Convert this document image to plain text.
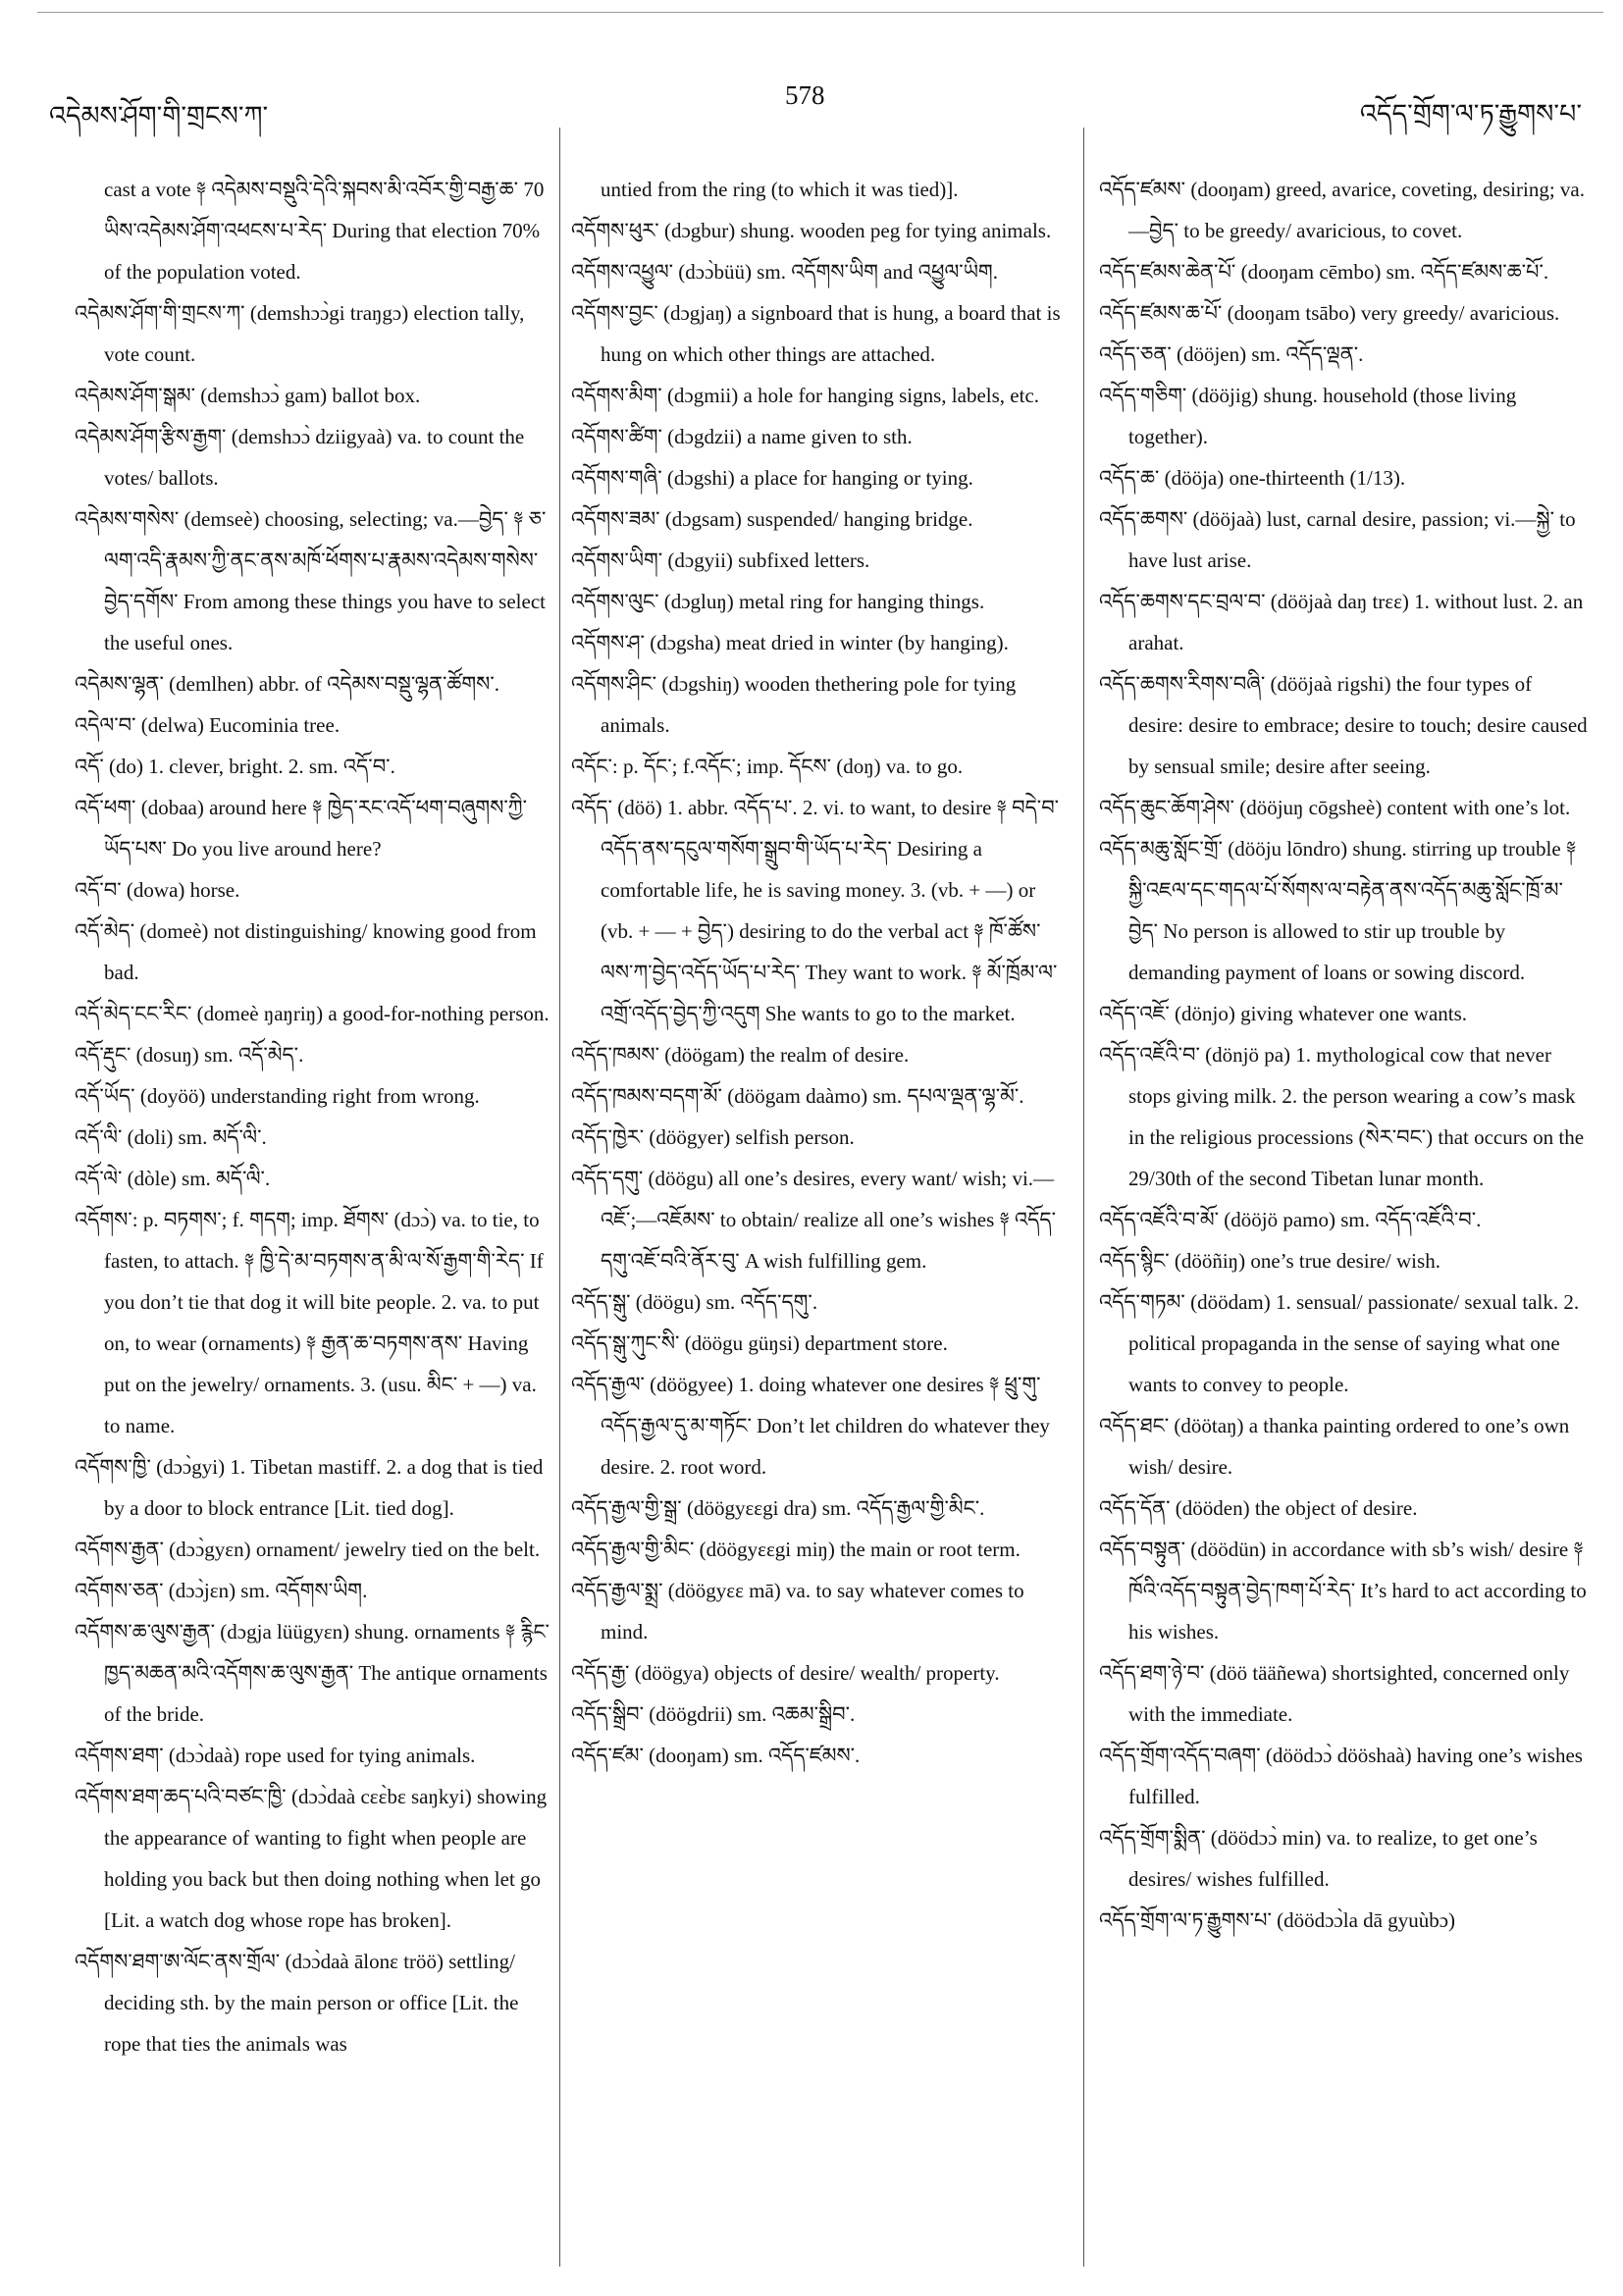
འདེམས་ཤོག་གི་གྲངས་ཀ་
578
འདོད་གྲོག་ལ་ཏ་རྒྱུགས་པ་

cast a vote ༈ འདེམས་བསྡུའི་དེའི་སྐབས་མི་འབོར་གྱི་བརྒྱ་ཆ་ 70 ཡིས་འདེམས་ཤོག་འཕངས་པ་རེད་ During that election 70% of the population voted.

འདེམས་ཤོག་གི་གྲངས་ཀ་ (demshɔɔ̀gi traŋgɔ) election tally, vote count.

འདེམས་ཤོག་སྒམ་ (demshɔɔ̀ gam) ballot box.

འདེམས་ཤོག་རྩིས་རྒྱག་ (demshɔɔ̀ dziigyaà) va. to count the votes/ ballots.

འདེམས་གསེས་ (demseè) choosing, selecting; va.—བྱེད་ ༈ ཅ་ལག་འདི་རྣམས་ཀྱི་ནང་ནས་མཁོ་ཕོགས་པ་རྣམས་འདེམས་གསེས་བྱེད་དགོས་ From among these things you have to select the useful ones.

འདེམས་ལྷན་ (demlhen) abbr. of འདེམས་བསྡུ་ལྷན་ཚོགས་.

འདེལ་བ་ (delwa) Eucominia tree.

འདོ་ (do) 1. clever, bright. 2. sm. འདོ་བ་.

འདོ་ཕག་ (dobaa) around here ༈ ཁྱེད་རང་འདོ་ཕག་བཞུགས་ཀྱི་ཡོད་པས་ Do you live around here?

འདོ་བ་ (dowa) horse.

འདོ་མེད་ (domeè) not distinguishing/ knowing good from bad.

འདོ་མེད་ངང་རིང་ (domeè ŋaŋriŋ) a good-for-nothing person.

འདོ་རྡུང་ (dosuŋ) sm. འདོ་མེད་.

འདོ་ཡོད་ (doyöö) understanding right from wrong.

འདོ་ལི་ (doli) sm. མདོ་ལི་.

འདོ་ལེ་ (dòle) sm. མདོ་ལི་.

འདོགས་: p. བཏགས་; f. གདག; imp. ཐོགས་ (dɔɔ̀) va. to tie, to fasten, to attach. ༈ ཁྱི་དེ་མ་བཏགས་ན་མི་ལ་སོ་རྒྱག་གི་རེད་ If you don’t tie that dog it will bite people. 2. va. to put on, to wear (ornaments) ༈ རྒྱན་ཆ་བཏགས་ནས་ Having put on the jewelry/ ornaments. 3. (usu. མིང་ + —) va. to name.

འདོགས་ཁྱི་ (dɔɔ̀gyi) 1. Tibetan mastiff. 2. a dog that is tied by a door to block entrance [Lit. tied dog].

འདོགས་རྒྱན་ (dɔɔ̀gyɛn) ornament/ jewelry tied on the belt.

འདོགས་ཅན་ (dɔɔ̀jɛn) sm. འདོགས་ཡིག.

འདོགས་ཆ་ལུས་རྒྱན་ (dɔgja lüügyɛn) shung. ornaments ༈ རྙིང་ཁྱད་མཆན་མའི་འདོགས་ཆ་ལུས་རྒྱན་ The antique ornaments of the bride.

འདོགས་ཐག་ (dɔɔ̀daà) rope used for tying animals.

འདོགས་ཐག་ཆད་པའི་བཙང་ཁྱི་ (dɔɔ̀daà cɛɛ̀bɛ saŋkyi) showing the appearance of wanting to fight when people are holding you back but then doing nothing when let go [Lit. a watch dog whose rope has broken].

འདོགས་ཐག་ཨ་ལོང་ནས་གྲོལ་ (dɔɔ̀daà ālonɛ tröö) settling/ deciding sth. by the main person or office [Lit. the rope that ties the animals was

untied from the ring (to which it was tied)].

འདོགས་ཕུར་ (dɔgbur) shung. wooden peg for tying animals.

འདོགས་འཕྱུལ་ (dɔɔ̀büü) sm. འདོགས་ཡིག and འཕྱུལ་ཡིག.

འདོགས་བྱང་ (dɔgjaŋ) a signboard that is hung, a board that is hung on which other things are attached.

འདོགས་མིག་ (dɔgmii) a hole for hanging signs, labels, etc.

འདོགས་ཚིག་ (dɔgdzii) a name given to sth.

འདོགས་གཞི་ (dɔgshi) a place for hanging or tying.

འདོགས་ཟམ་ (dɔgsam) suspended/ hanging bridge.

འདོགས་ཡིག་ (dɔgyii) subfixed letters.

འདོགས་ལུང་ (dɔgluŋ) metal ring for hanging things.

འདོགས་ཤ་ (dɔgsha) meat dried in winter (by hanging).

འདོགས་ཤིང་ (dɔgshiŋ) wooden thethering pole for tying animals.

འདོང་: p. དོང་; f.འདོང་; imp. དོངས་ (doŋ) va. to go.

འདོད་ (döö) 1. abbr. འདོད་པ་. 2. vi. to want, to desire ༈ བདེ་བ་འདོད་ནས་དངུལ་གསོག་སྒྲུབ་གི་ཡོད་པ་རེད་ Desiring a comfortable life, he is saving money. 3. (vb. + —) or (vb. + — + བྱེད་) desiring to do the verbal act ༈ ཁོ་ཚོས་ལས་ཀ་བྱེད་འདོད་ཡོད་པ་རེད་ They want to work. ༈ མོ་ཁྲོམ་ལ་འགྲོ་འདོད་བྱེད་ཀྱི་འདུག She wants to go to the market.

འདོད་ཁམས་ (döögam) the realm of desire.

འདོད་ཁམས་བདག་མོ་ (döögam daàmo) sm. དཔལ་ལྡན་ལྷ་མོ་.

འདོད་ཁྱེར་ (döögyer) selfish person.

འདོད་དགུ་ (döögu) all one’s desires, every want/ wish; vi.—འཇོ་;—འཇོམས་ to obtain/ realize all one’s wishes ༈ འདོད་དགུ་འཇོ་བའི་ནོར་བུ་ A wish fulfilling gem.

འདོད་སྒུ་ (döögu) sm. འདོད་དགུ་.

འདོད་སྒུ་ཀུང་སི་ (döögu güŋsi) department store.

འདོད་རྒྱལ་ (döögyee) 1. doing whatever one desires ༈ ཕྲུ་གུ་འདོད་རྒྱལ་དུ་མ་གཏོང་ Don’t let children do whatever they desire. 2. root word.

འདོད་རྒྱལ་གྱི་སྒྲ་ (döögyɛɛgi dra) sm. འདོད་རྒྱལ་གྱི་མིང་.

འདོད་རྒྱལ་གྱི་མིང་ (döögyɛɛgi miŋ) the main or root term.

འདོད་རྒྱལ་སྨྲ་ (döögyɛɛ mā) va. to say whatever comes to mind.

འདོད་རྒྱ་ (döögya) objects of desire/ wealth/ property.

འདོད་སྒྲིབ་ (döögdrii) sm. འཆམ་སྒྲིབ་.

འདོད་ཛམ་ (dooŋam) sm. འདོད་ཛམས་.

འདོད་ཛམས་ (dooŋam) greed, avarice, coveting, desiring; va.—བྱེད་ to be greedy/ avaricious, to covet.

འདོད་ཛམས་ཆེན་པོ་ (dooŋam cēmbo) sm. འདོད་ཛམས་ཆ་པོ་.

འདོད་ཛམས་ཆ་པོ་ (dooŋam tsābo) very greedy/ avaricious.

འདོད་ཅན་ (dööjen) sm. འདོད་ལྡན་.

འདོད་གཅིག་ (dööjig) shung. household (those living together).

འདོད་ཆ་ (dööja) one-thirteenth (1/13).

འདོད་ཆགས་ (dööjaà) lust, carnal desire, passion; vi.—སྐྱེ་ to have lust arise.

འདོད་ཆགས་དང་བྲལ་བ་ (dööjaà daŋ trɛɛ) 1. without lust. 2. an arahat.

འདོད་ཆགས་རིགས་བཞི་ (dööjaà rigshi) the four types of desire: desire to embrace; desire to touch; desire caused by sensual smile; desire after seeing.

འདོད་ཆུང་ཆོག་ཤེས་ (dööjuŋ cōgsheè) content with one’s lot.

འདོད་མཆུ་སློང་གྲོ་ (dööju lōndro) shung. stirring up trouble ༈ སྐྱི་འཇལ་དང་གདལ་པོ་སོགས་ལ་བརྟེན་ནས་འདོད་མཆུ་སློང་ཁྲོ་མ་བྱེད་ No person is allowed to stir up trouble by demanding payment of loans or sowing discord.

འདོད་འཇོ་ (dönjo) giving whatever one wants.

འདོད་འཇོའི་བ་ (dönjö pa) 1. mythological cow that never stops giving milk. 2. the person wearing a cow’s mask in the religious processions (སེར་བང་) that occurs on the 29/30th of the second Tibetan lunar month.

འདོད་འཇོའི་བ་མོ་ (dööjö pamo) sm. འདོད་འཇོའི་བ་.

འདོད་སྙིང་ (dööñiŋ) one’s true desire/ wish.

འདོད་གཏམ་ (döödam) 1. sensual/ passionate/ sexual talk. 2. political propaganda in the sense of saying what one wants to convey to people.

འདོད་ཐང་ (döötaŋ) a thanka painting ordered to one’s own wish/ desire.

འདོད་དོན་ (dööden) the object of desire.

འདོད་བསྟུན་ (döödün) in accordance with sb’s wish/ desire ༈ ཁོའི་འདོད་བསྟུན་བྱེད་ཁག་པོ་རེད་ It’s hard to act according to his wishes.

འདོད་ཐག་ཉེ་བ་ (döö tääñewa) shortsighted, concerned only with the immediate.

འདོད་གྲོག་འདོད་བཞག་ (döödɔɔ̀ dööshaà) having one’s wishes fulfilled.

འདོད་གྲོག་སྨིན་ (döödɔɔ̀ min) va. to realize, to get one’s desires/ wishes fulfilled.

འདོད་གྲོག་ལ་ཏ་རྒྱུགས་པ་ (döödɔɔ̀la dā gyuùbɔ)
